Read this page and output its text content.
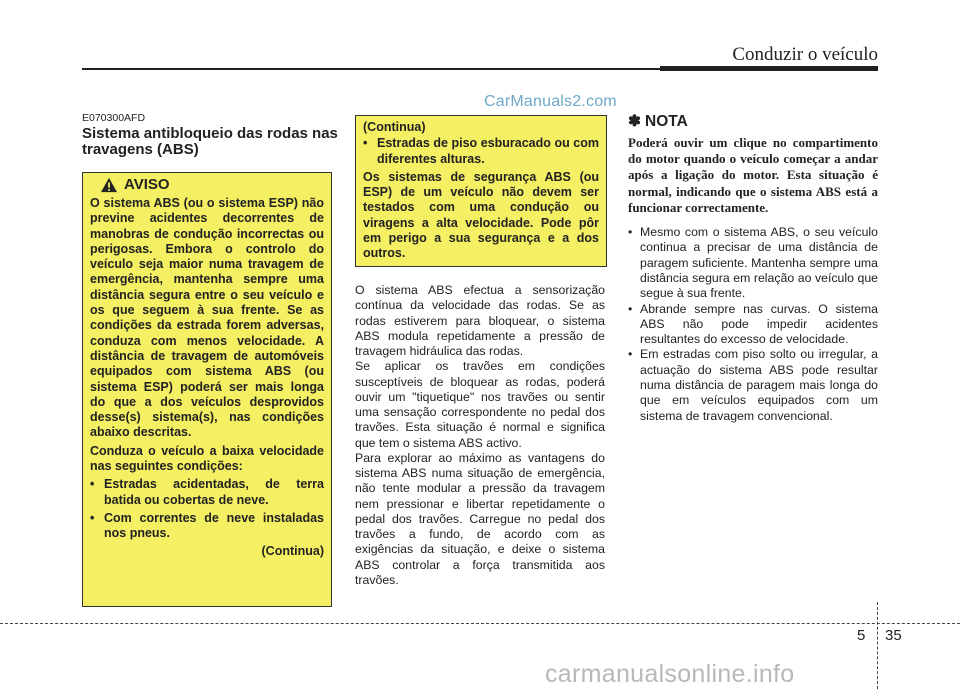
Conduzir o veículo
CarManuals2.com
E070300AFD
Sistema antibloqueio das rodas nas travagens (ABS)
AVISO

O sistema ABS (ou o sistema ESP) não previne acidentes decorrentes de manobras de condução incorrectas ou perigosas. Embora o controlo do veículo seja maior numa travagem de emergência, mantenha sempre uma distância segura entre o seu veículo e os que seguem à sua frente. Se as condições da estrada forem adversas, conduza com menos velocidade. A distância de travagem de automóveis equipados com sistema ABS (ou sistema ESP) poderá ser mais longa do que a dos veículos desprovidos desse(s) sistema(s), nas condições abaixo descritas.

Conduza o veículo a baixa velocidade nas seguintes condições:

• Estradas acidentadas, de terra batida ou cobertas de neve.
• Com correntes de neve instaladas nos pneus.
(Continua)
(Continua)
• Estradas de piso esburacado ou com diferentes alturas.

Os sistemas de segurança ABS (ou ESP) de um veículo não devem ser testados com uma condução ou viragens a alta velocidade. Pode pôr em perigo a sua segurança e a dos outros.

O sistema ABS efectua a sensorização contínua da velocidade das rodas. Se as rodas estiverem para bloquear, o sistema ABS modula repetidamente a pressão de travagem hidráulica das rodas.

Se aplicar os travões em condições susceptíveis de bloquear as rodas, poderá ouvir um "tiquetique" nos travões ou sentir uma sensação correspondente no pedal dos travões. Esta situação é normal e significa que tem o sistema ABS activo.

Para explorar ao máximo as vantagens do sistema ABS numa situação de emergência, não tente modular a pressão da travagem nem pressionar e libertar repetidamente o pedal dos travões. Carregue no pedal dos travões a fundo, de acordo com as exigências da situação, e deixe o sistema ABS controlar a força transmitida aos travões.

✽ NOTA

Poderá ouvir um clique no compartimento do motor quando o veículo começar a andar após a ligação do motor. Esta situação é normal, indicando que o sistema ABS está a funcionar correctamente.

• Mesmo com o sistema ABS, o seu veículo continua a precisar de uma distância de paragem suficiente. Mantenha sempre uma distância segura em relação ao veículo que segue à sua frente.
• Abrande sempre nas curvas. O sistema ABS não pode impedir acidentes resultantes do excesso de velocidade.
• Em estradas com piso solto ou irregular, a actuação do sistema ABS pode resultar numa distância de paragem mais longa do que em veículos equipados com um sistema de travagem convencional.
5 35
carmanualsonline.info
